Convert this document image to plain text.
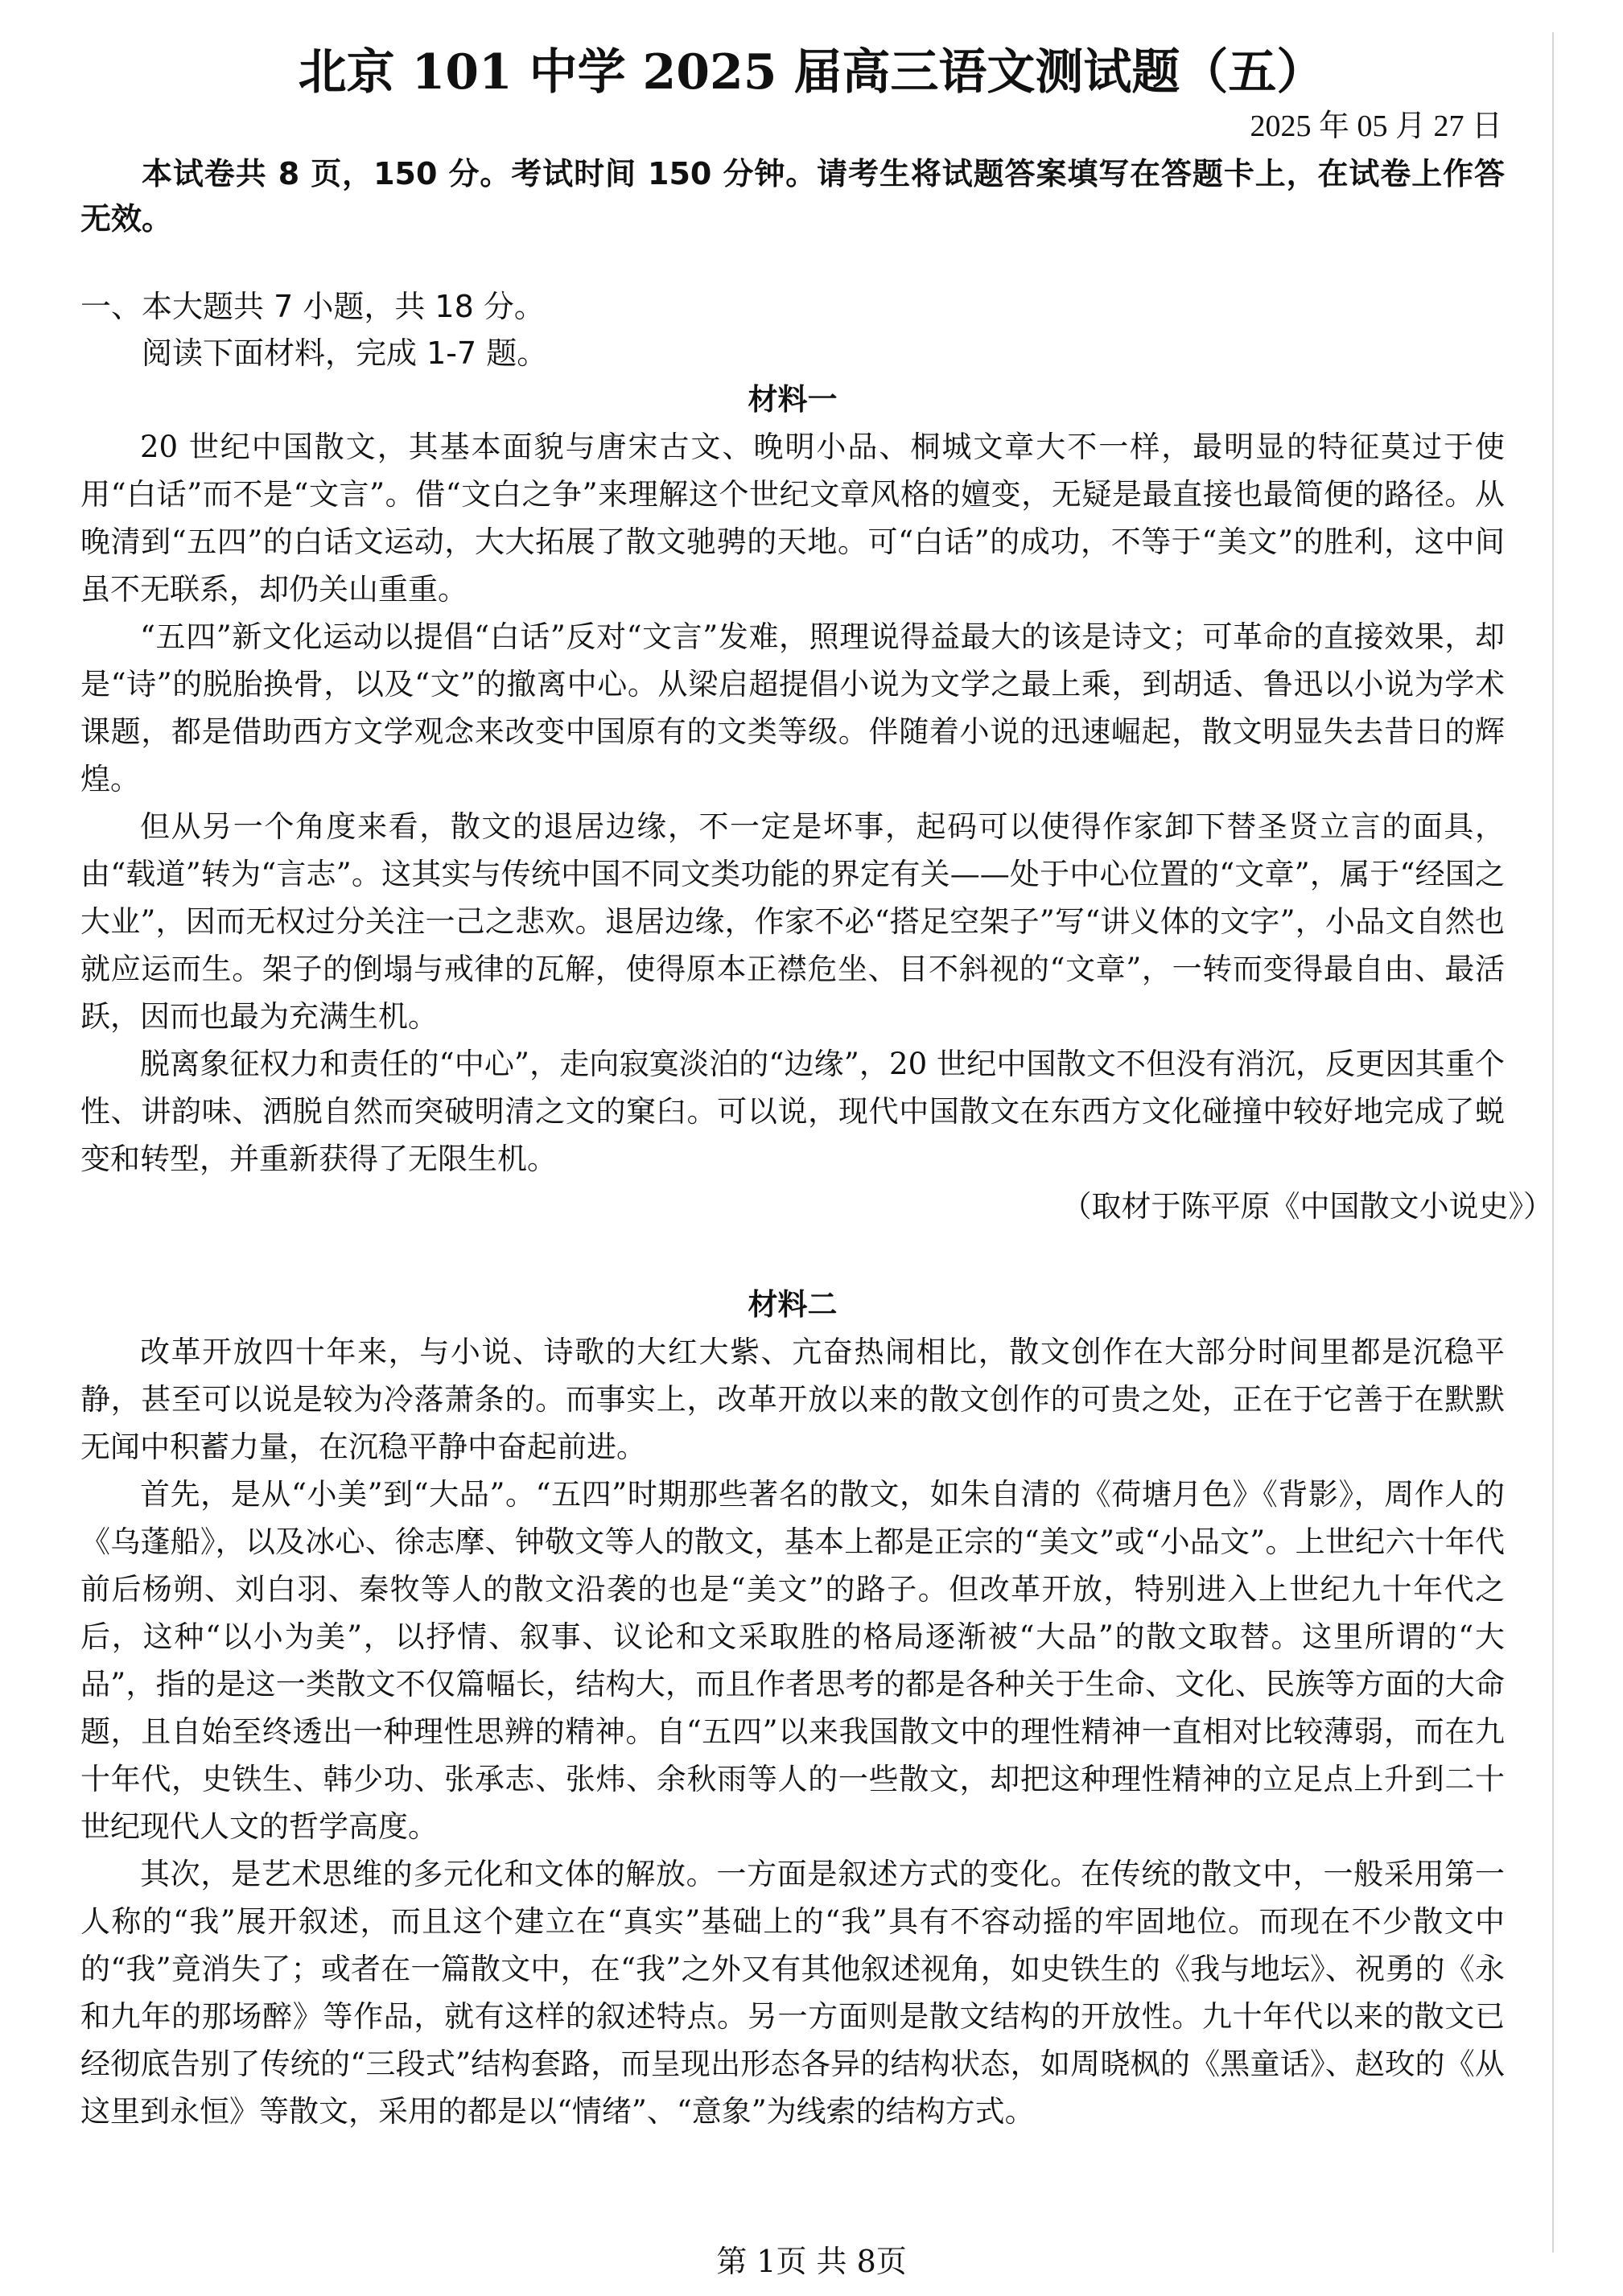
北京 101 中学 2025 届高三语文测试题（五）
2025 年 05 月 27 日

本试卷共 8 页，150 分。考试时间 150 分钟。请考生将试题答案填写在答题卡上，在试卷上作答无效。

一、本大题共 7 小题，共 18 分。

阅读下面材料，完成 1-7 题。

材料一

20 世纪中国散文，其基本面貌与唐宋古文、晚明小品、桐城文章大不一样，最明显的特征莫过于使用“白话”而不是“文言”。借“文白之争”来理解这个世纪文章风格的嬗变，无疑是最直接也最简便的路径。从晚清到“五四”的白话文运动，大大拓展了散文驰骋的天地。可“白话”的成功，不等于“美文”的胜利，这中间虽不无联系，却仍关山重重。

“五四”新文化运动以提倡“白话”反对“文言”发难，照理说得益最大的该是诗文；可革命的直接效果，却是“诗”的脱胎换骨，以及“文”的撤离中心。从梁启超提倡小说为文学之最上乘，到胡适、鲁迅以小说为学术课题，都是借助西方文学观念来改变中国原有的文类等级。伴随着小说的迅速崛起，散文明显失去昔日的辉煌。

但从另一个角度来看，散文的退居边缘，不一定是坏事，起码可以使得作家卸下替圣贤立言的面具，由“载道”转为“言志”。这其实与传统中国不同文类功能的界定有关——处于中心位置的“文章”，属于“经国之大业”，因而无权过分关注一己之悲欢。退居边缘，作家不必“搭足空架子”写“讲义体的文字”，小品文自然也就应运而生。架子的倒塌与戒律的瓦解，使得原本正襟危坐、目不斜视的“文章”，一转而变得最自由、最活跃，因而也最为充满生机。

脱离象征权力和责任的“中心”，走向寂寞淡泊的“边缘”，20 世纪中国散文不但没有消沉，反更因其重个性、讲韵味、洒脱自然而突破明清之文的窠臼。可以说，现代中国散文在东西方文化碰撞中较好地完成了蜕变和转型，并重新获得了无限生机。

（取材于陈平原《中国散文小说史》）

材料二

改革开放四十年来，与小说、诗歌的大红大紫、亢奋热闹相比，散文创作在大部分时间里都是沉稳平静，甚至可以说是较为冷落萧条的。而事实上，改革开放以来的散文创作的可贵之处，正在于它善于在默默无闻中积蓄力量，在沉稳平静中奋起前进。

首先，是从“小美”到“大品”。“五四”时期那些著名的散文，如朱自清的《荷塘月色》《背影》，周作人的《乌蓬船》，以及冰心、徐志摩、钟敬文等人的散文，基本上都是正宗的“美文”或“小品文”。上世纪六十年代前后杨朔、刘白羽、秦牧等人的散文沿袭的也是“美文”的路子。但改革开放，特别进入上世纪九十年代之后，这种“以小为美”，以抒情、叙事、议论和文采取胜的格局逐渐被“大品”的散文取替。这里所谓的“大品”，指的是这一类散文不仅篇幅长，结构大，而且作者思考的都是各种关于生命、文化、民族等方面的大命题，且自始至终透出一种理性思辨的精神。自“五四”以来我国散文中的理性精神一直相对比较薄弱，而在九十年代，史铁生、韩少功、张承志、张炜、余秋雨等人的一些散文，却把这种理性精神的立足点上升到二十世纪现代人文的哲学高度。

其次，是艺术思维的多元化和文体的解放。一方面是叙述方式的变化。在传统的散文中，一般采用第一人称的“我”展开叙述，而且这个建立在“真实”基础上的“我”具有不容动摇的牢固地位。而现在不少散文中的“我”竟消失了；或者在一篇散文中，在“我”之外又有其他叙述视角，如史铁生的《我与地坛》、祝勇的《永和九年的那场醉》等作品，就有这样的叙述特点。另一方面则是散文结构的开放性。九十年代以来的散文已经彻底告别了传统的“三段式”结构套路，而呈现出形态各异的结构状态，如周晓枫的《黑童话》、赵玫的《从这里到永恒》等散文，采用的都是以“情绪”、“意象”为线索的结构方式。

第 1页 共 8页
